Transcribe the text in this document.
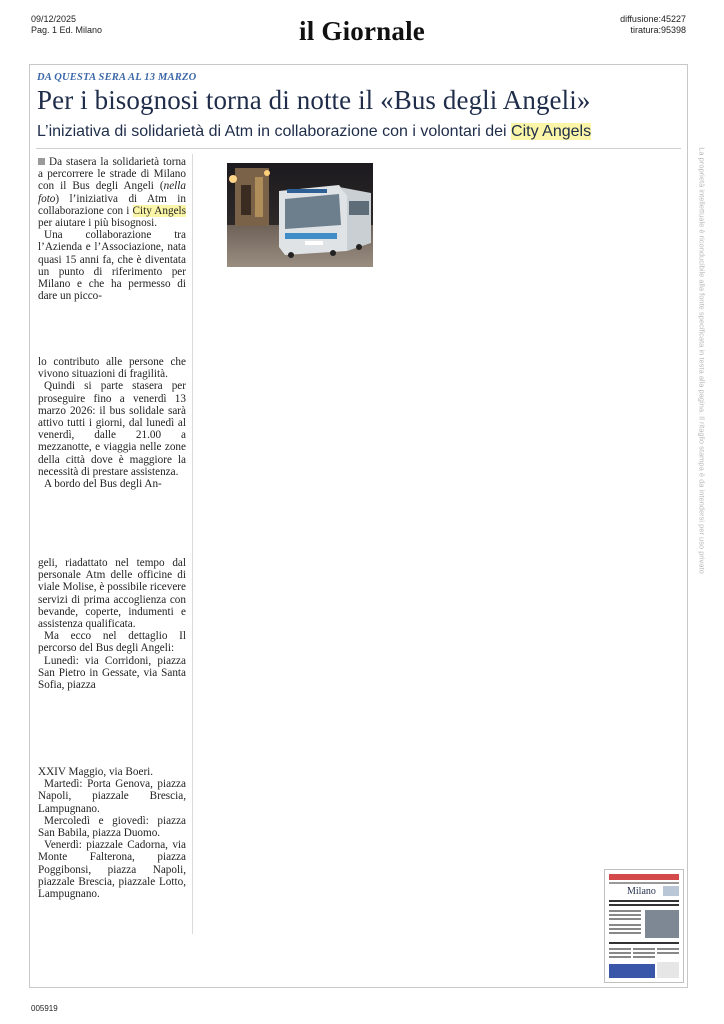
09/12/2025
Pag. 1 Ed. Milano	il Giornale	diffusione:45227
tiratura:95398
DA QUESTA SERA AL 13 MARZO
Per i bisognosi torna di notte il «Bus degli Angeli»
L’iniziativa di solidarietà di Atm in collaborazione con i volontari dei City Angels

Da stasera la solidarietà torna a percorrere le strade di Milano con il Bus degli Angeli (nella foto) l’iniziativa di Atm in collaborazione con i City Angels per aiutare i più bisognosi.

Una collaborazione tra l’Azienda e l’Associazione, nata quasi 15 anni fa, che è diventata un punto di riferimento per Milano e che ha permesso di dare un picco-

lo contributo alle persone che vivono situazioni di fragilità.

Quindi si parte stasera per proseguire fino a venerdì 13 marzo 2026: il bus solidale sarà attivo tutti i giorni, dal lunedì al venerdì, dalle 21.00 a mezzanotte, e viaggia nelle zone della città dove è maggiore la necessità di prestare assistenza.

A bordo del Bus degli An-

geli, riadattato nel tempo dal personale Atm delle officine di viale Molise, è possibile ricevere servizi di prima accoglienza con bevande, coperte, indumenti e assistenza qualificata.

Ma ecco nel dettaglio Il percorso del Bus degli Angeli:

Lunedì: via Corridoni, piazza San Pietro in Gessate, via Santa Sofia, piazza

XXIV Maggio, via Boeri.

Martedì: Porta Genova, piazza Napoli, piazzale Brescia, Lampugnano.

Mercoledì e giovedì: piazza San Babila, piazza Duomo.

Venerdì: piazzale Cadorna, via Monte Falterona, piazza Poggibonsi, piazza Napoli, piazzale Brescia, piazzale Lotto, Lampugnano.

La proprietà intellettuale è riconducibile alla fonte specificata in testa alla pagina. Il ritaglio stampa è da intendersi per uso privato
Milano
005919
